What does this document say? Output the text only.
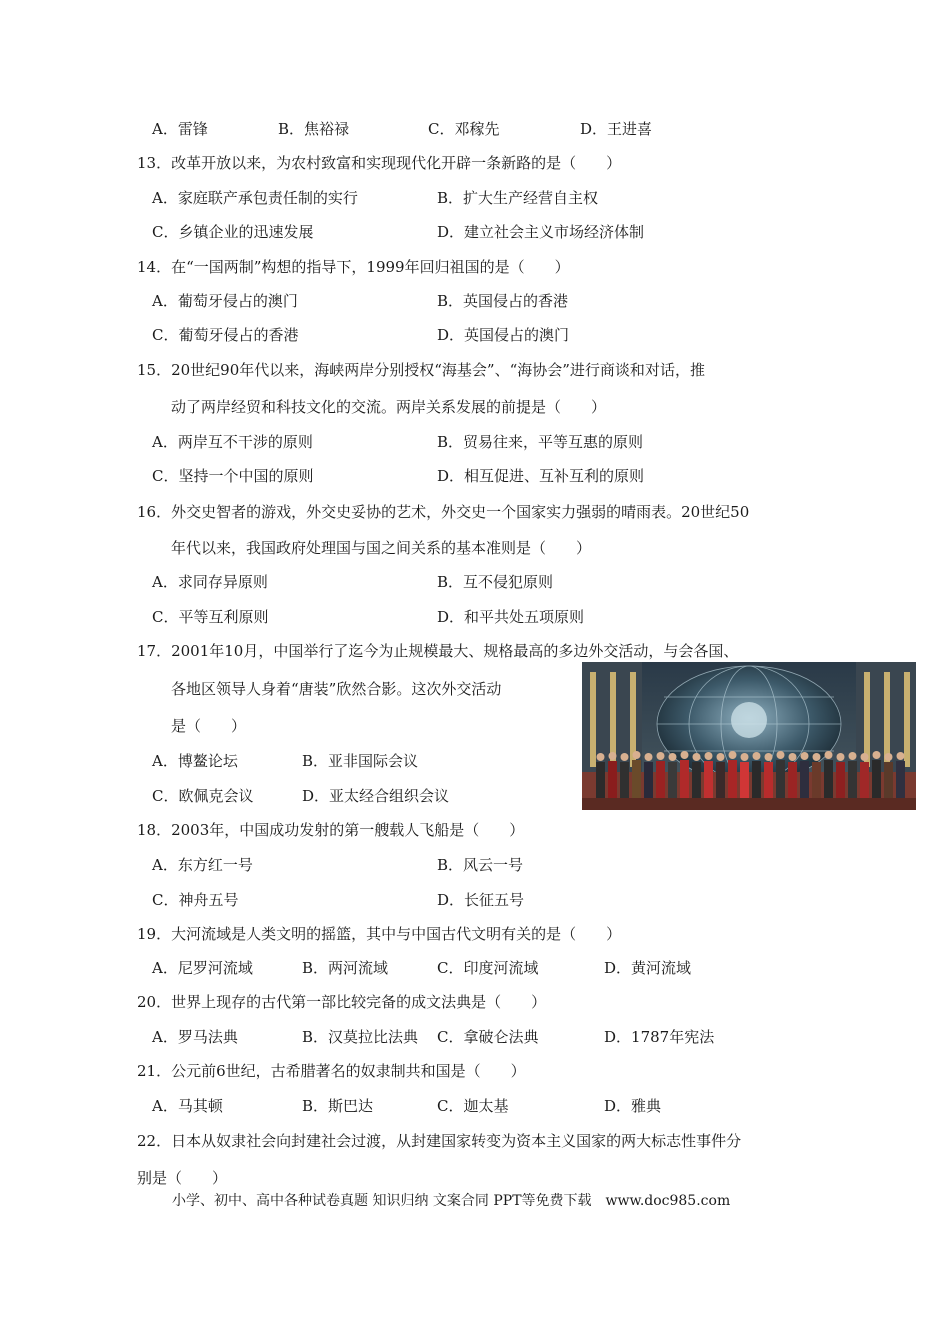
A．雷锋	B．焦裕禄	C．邓稼先	D．王进喜
13．改革开放以来，为农村致富和实现现代化开辟一条新路的是（　　）
A．家庭联产承包责任制的实行	B．扩大生产经营自主权
C．乡镇企业的迅速发展	D．建立社会主义市场经济体制
14．在“一国两制”构想的指导下，1999年回归祖国的是（　　）
A．葡萄牙侵占的澳门	B．英国侵占的香港
C．葡萄牙侵占的香港	D．英国侵占的澳门
15．20世纪90年代以来，海峡两岸分别授权“海基会”、“海协会”进行商谈和对话，推
动了两岸经贸和科技文化的交流。两岸关系发展的前提是（　　）
A．两岸互不干涉的原则	B．贸易往来，平等互惠的原则
C．坚持一个中国的原则	D．相互促进、互补互利的原则
16．外交史智者的游戏，外交史妥协的艺术，外交史一个国家实力强弱的晴雨表。20世纪50
年代以来，我国政府处理国与国之间关系的基本准则是（　　）
A．求同存异原则	B．互不侵犯原则
C．平等互利原则	D．和平共处五项原则
17．2001年10月，中国举行了迄今为止规模最大、规格最高的多边外交活动，与会各国、
各地区领导人身着“唐装”欣然合影。这次外交活动
是（　　）
A．博鳌论坛	B．亚非国际会议
C．欧佩克会议	D．亚太经合组织会议
18．2003年，中国成功发射的第一艘载人飞船是（　　）
A．东方红一号	B．风云一号
C．神舟五号	D．长征五号
19．大河流域是人类文明的摇篮，其中与中国古代文明有关的是（　　）
A．尼罗河流域	B．两河流域	C．印度河流域	D．黄河流域
20．世界上现存的古代第一部比较完备的成文法典是（　　）
A．罗马法典	B．汉莫拉比法典 C．拿破仑法典	D．1787年宪法
21．公元前6世纪，古希腊著名的奴隶制共和国是（　　）
A．马其顿	B．斯巴达	C．迦太基	D．雅典
22．日本从奴隶社会向封建社会过渡，从封建国家转变为资本主义国家的两大标志性事件分
别是（　　）
小学、初中、高中各种试卷真题 知识归纳 文案合同 PPT等免费下载　www.doc985.com
